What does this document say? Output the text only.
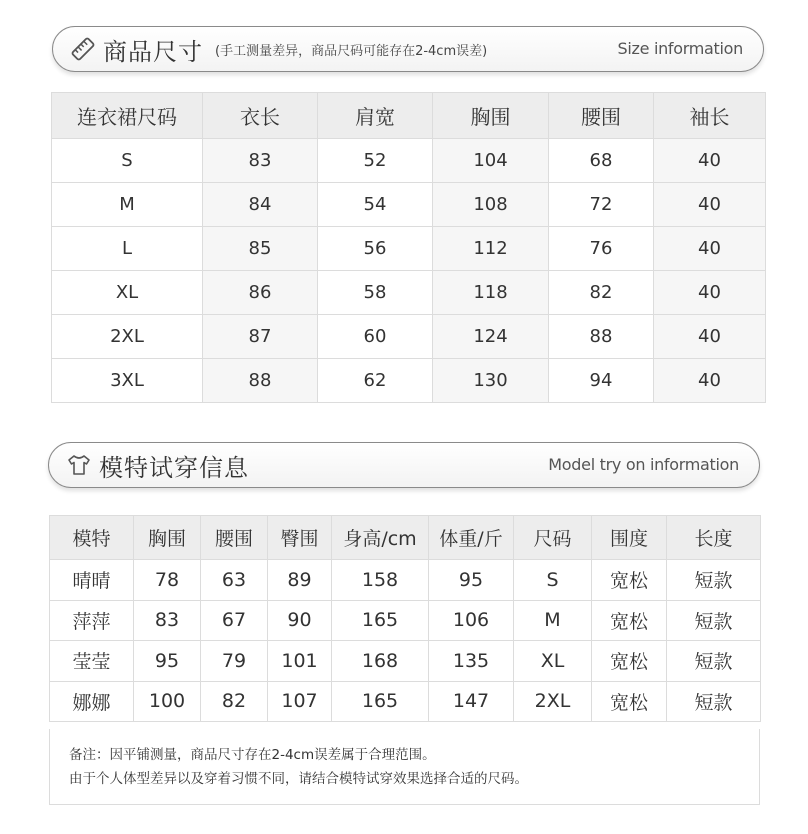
商品尺寸 (手工测量差异，商品尺码可能存在2-4cm误差)	Size information
连衣裙尺码	衣长	肩宽	胸围	腰围	袖长
S	83	52	104	68	40
M	84	54	108	72	40
L	85	56	112	76	40
XL	86	58	118	82	40
2XL	87	60	124	88	40
3XL	88	62	130	94	40
模特试穿信息	Model try on information
模特	胸围	腰围	臀围	身高/cm	体重/斤	尺码	围度	长度
晴晴	78	63	89	158	95	S	宽松	短款
萍萍	83	67	90	165	106	M	宽松	短款
莹莹	95	79	101	168	135	XL	宽松	短款
娜娜	100	82	107	165	147	2XL	宽松	短款
备注：因平铺测量，商品尺寸存在2-4cm误差属于合理范围。
由于个人体型差异以及穿着习惯不同，请结合模特试穿效果选择合适的尺码。
